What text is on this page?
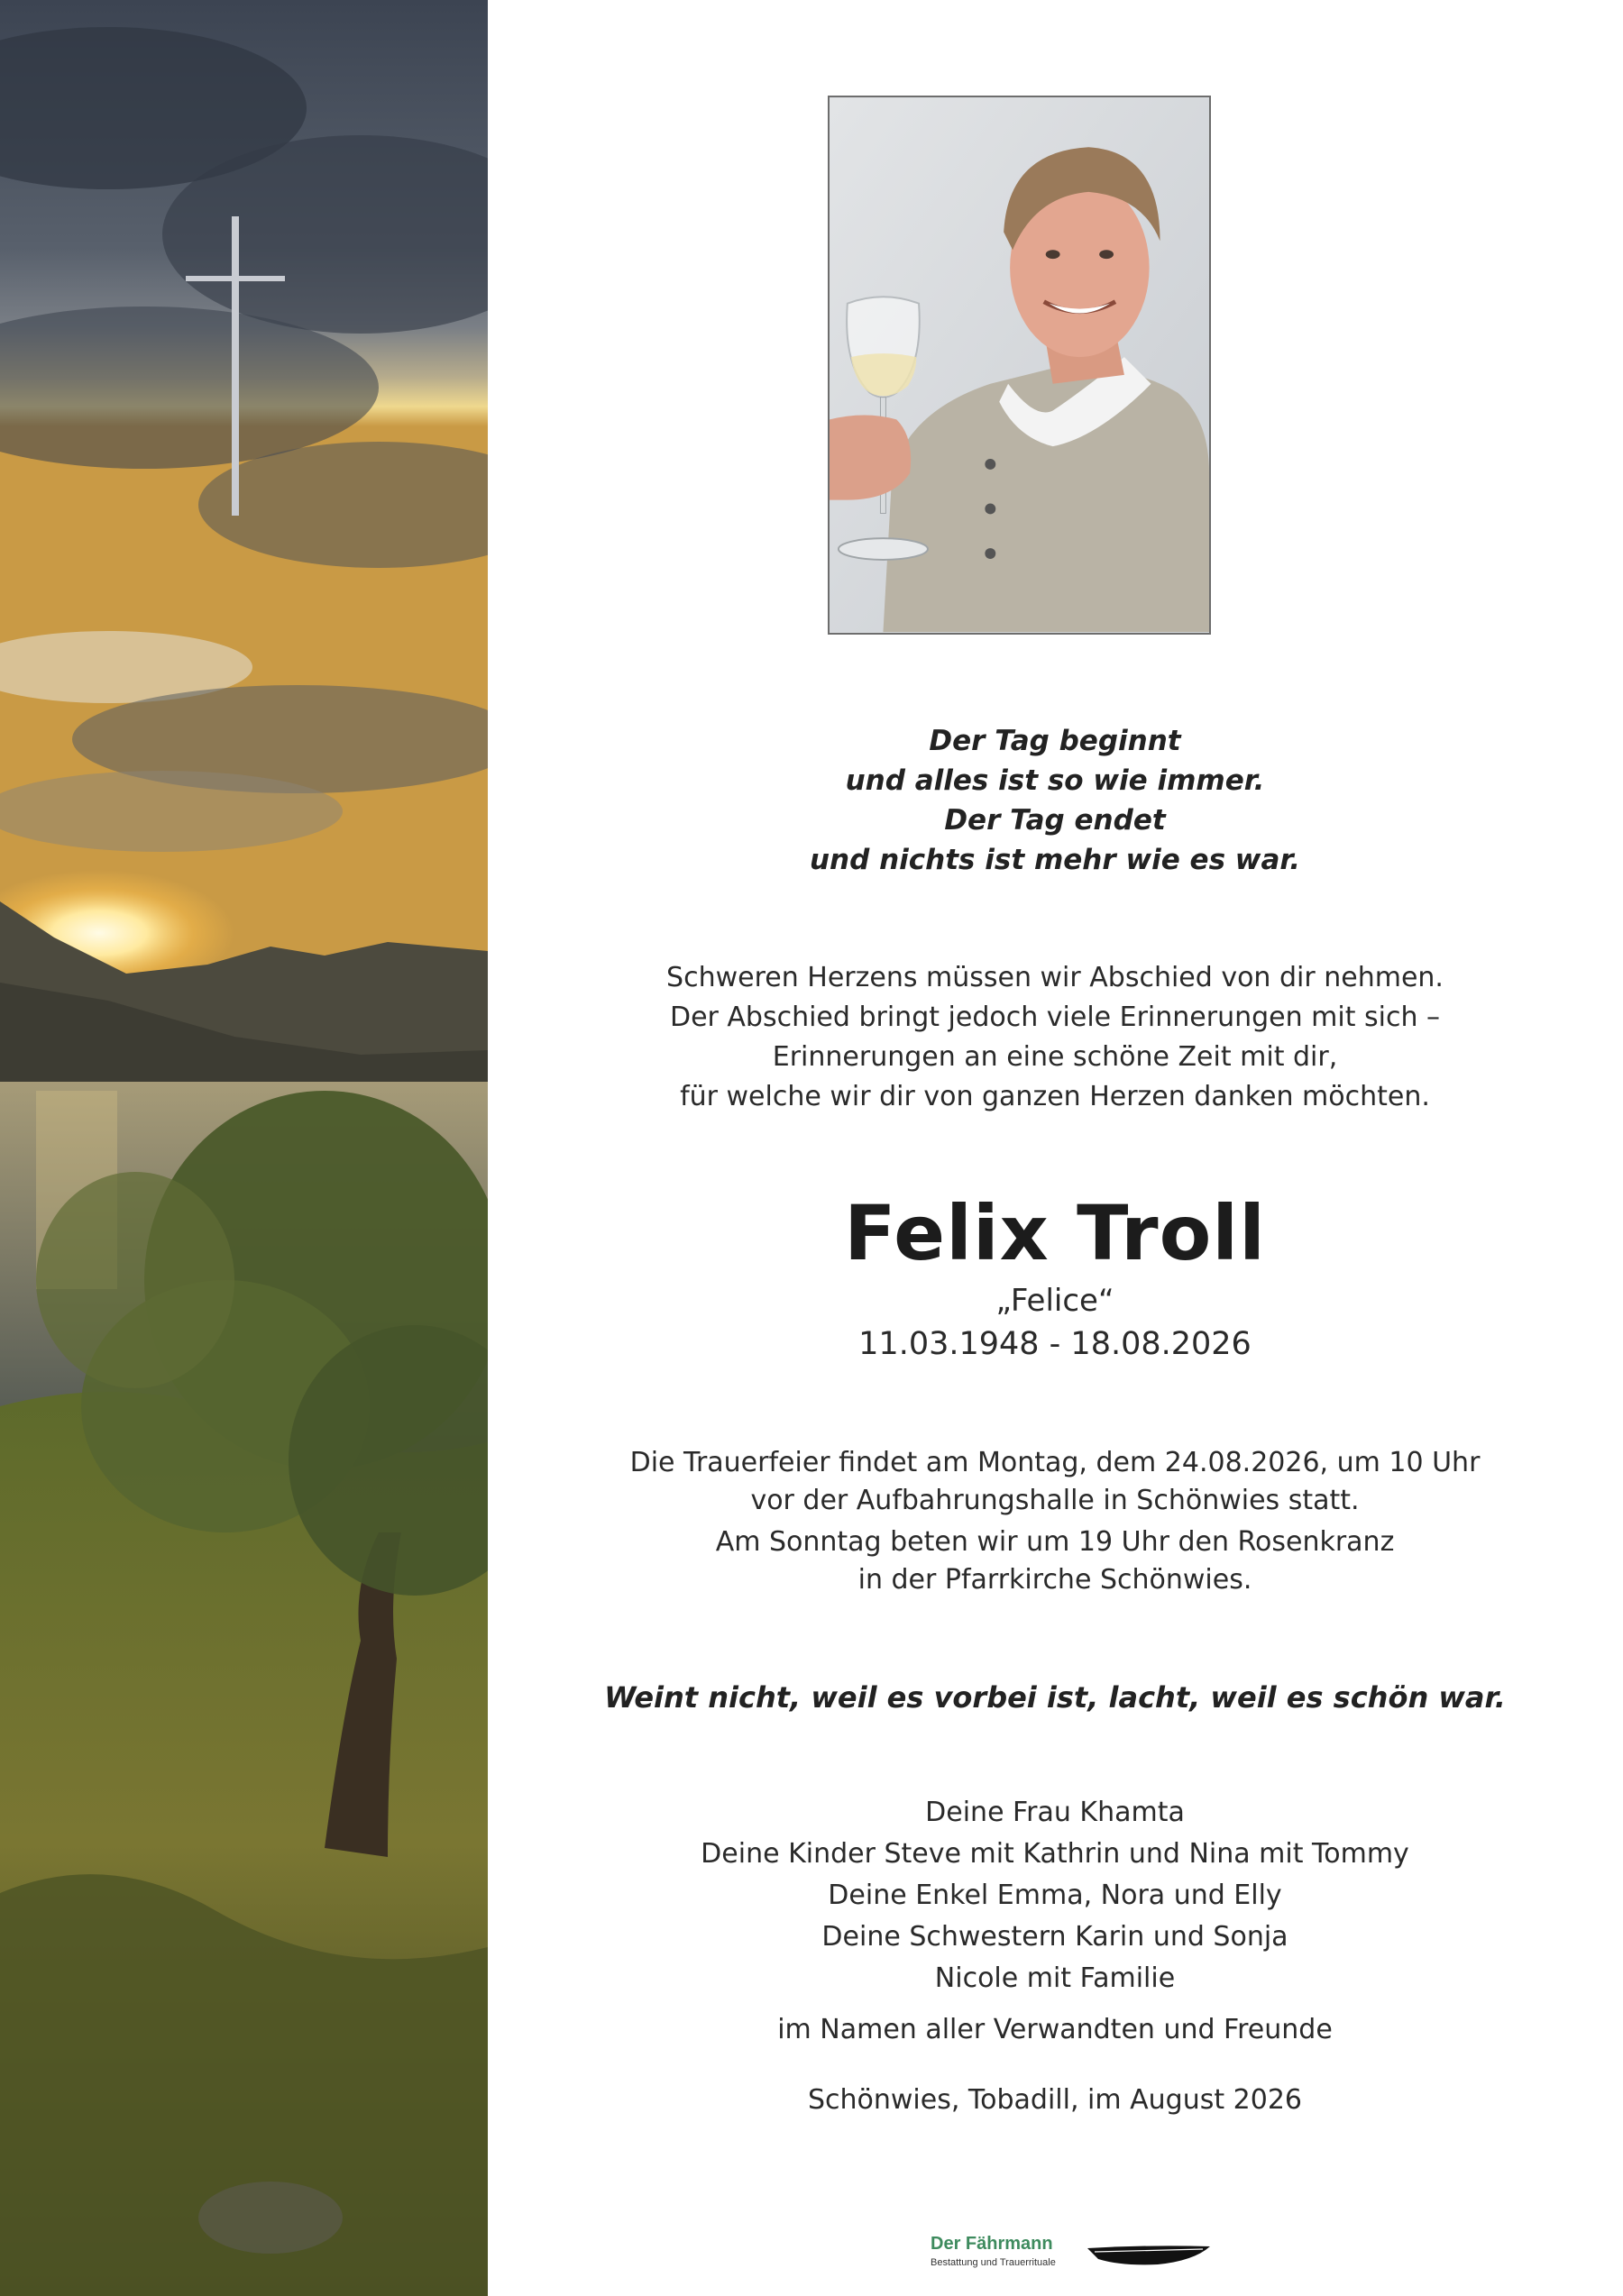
Der Tag beginnt
und alles ist so wie immer.
Der Tag endet
und nichts ist mehr wie es war.
Schweren Herzens müssen wir Abschied von dir nehmen.
Der Abschied bringt jedoch viele Erinnerungen mit sich –
Erinnerungen an eine schöne Zeit mit dir,
für welche wir dir von ganzen Herzen danken möchten.
Felix Troll
„Felice“
11.03.1948 - 18.08.2026
Die Trauerfeier findet am Montag, dem 24.08.2026, um 10 Uhr
vor der Aufbahrungshalle in Schönwies statt.
Am Sonntag beten wir um 19 Uhr den Rosenkranz
in der Pfarrkirche Schönwies.
Weint nicht, weil es vorbei ist, lacht, weil es schön war.
Deine Frau Khamta
Deine Kinder Steve mit Kathrin und Nina mit Tommy
Deine Enkel Emma, Nora und Elly
Deine Schwestern Karin und Sonja
Nicole mit Familie
im Namen aller Verwandten und Freunde
Schönwies, Tobadill, im August 2026
Der Fährmann
Bestattung und Trauerrituale
